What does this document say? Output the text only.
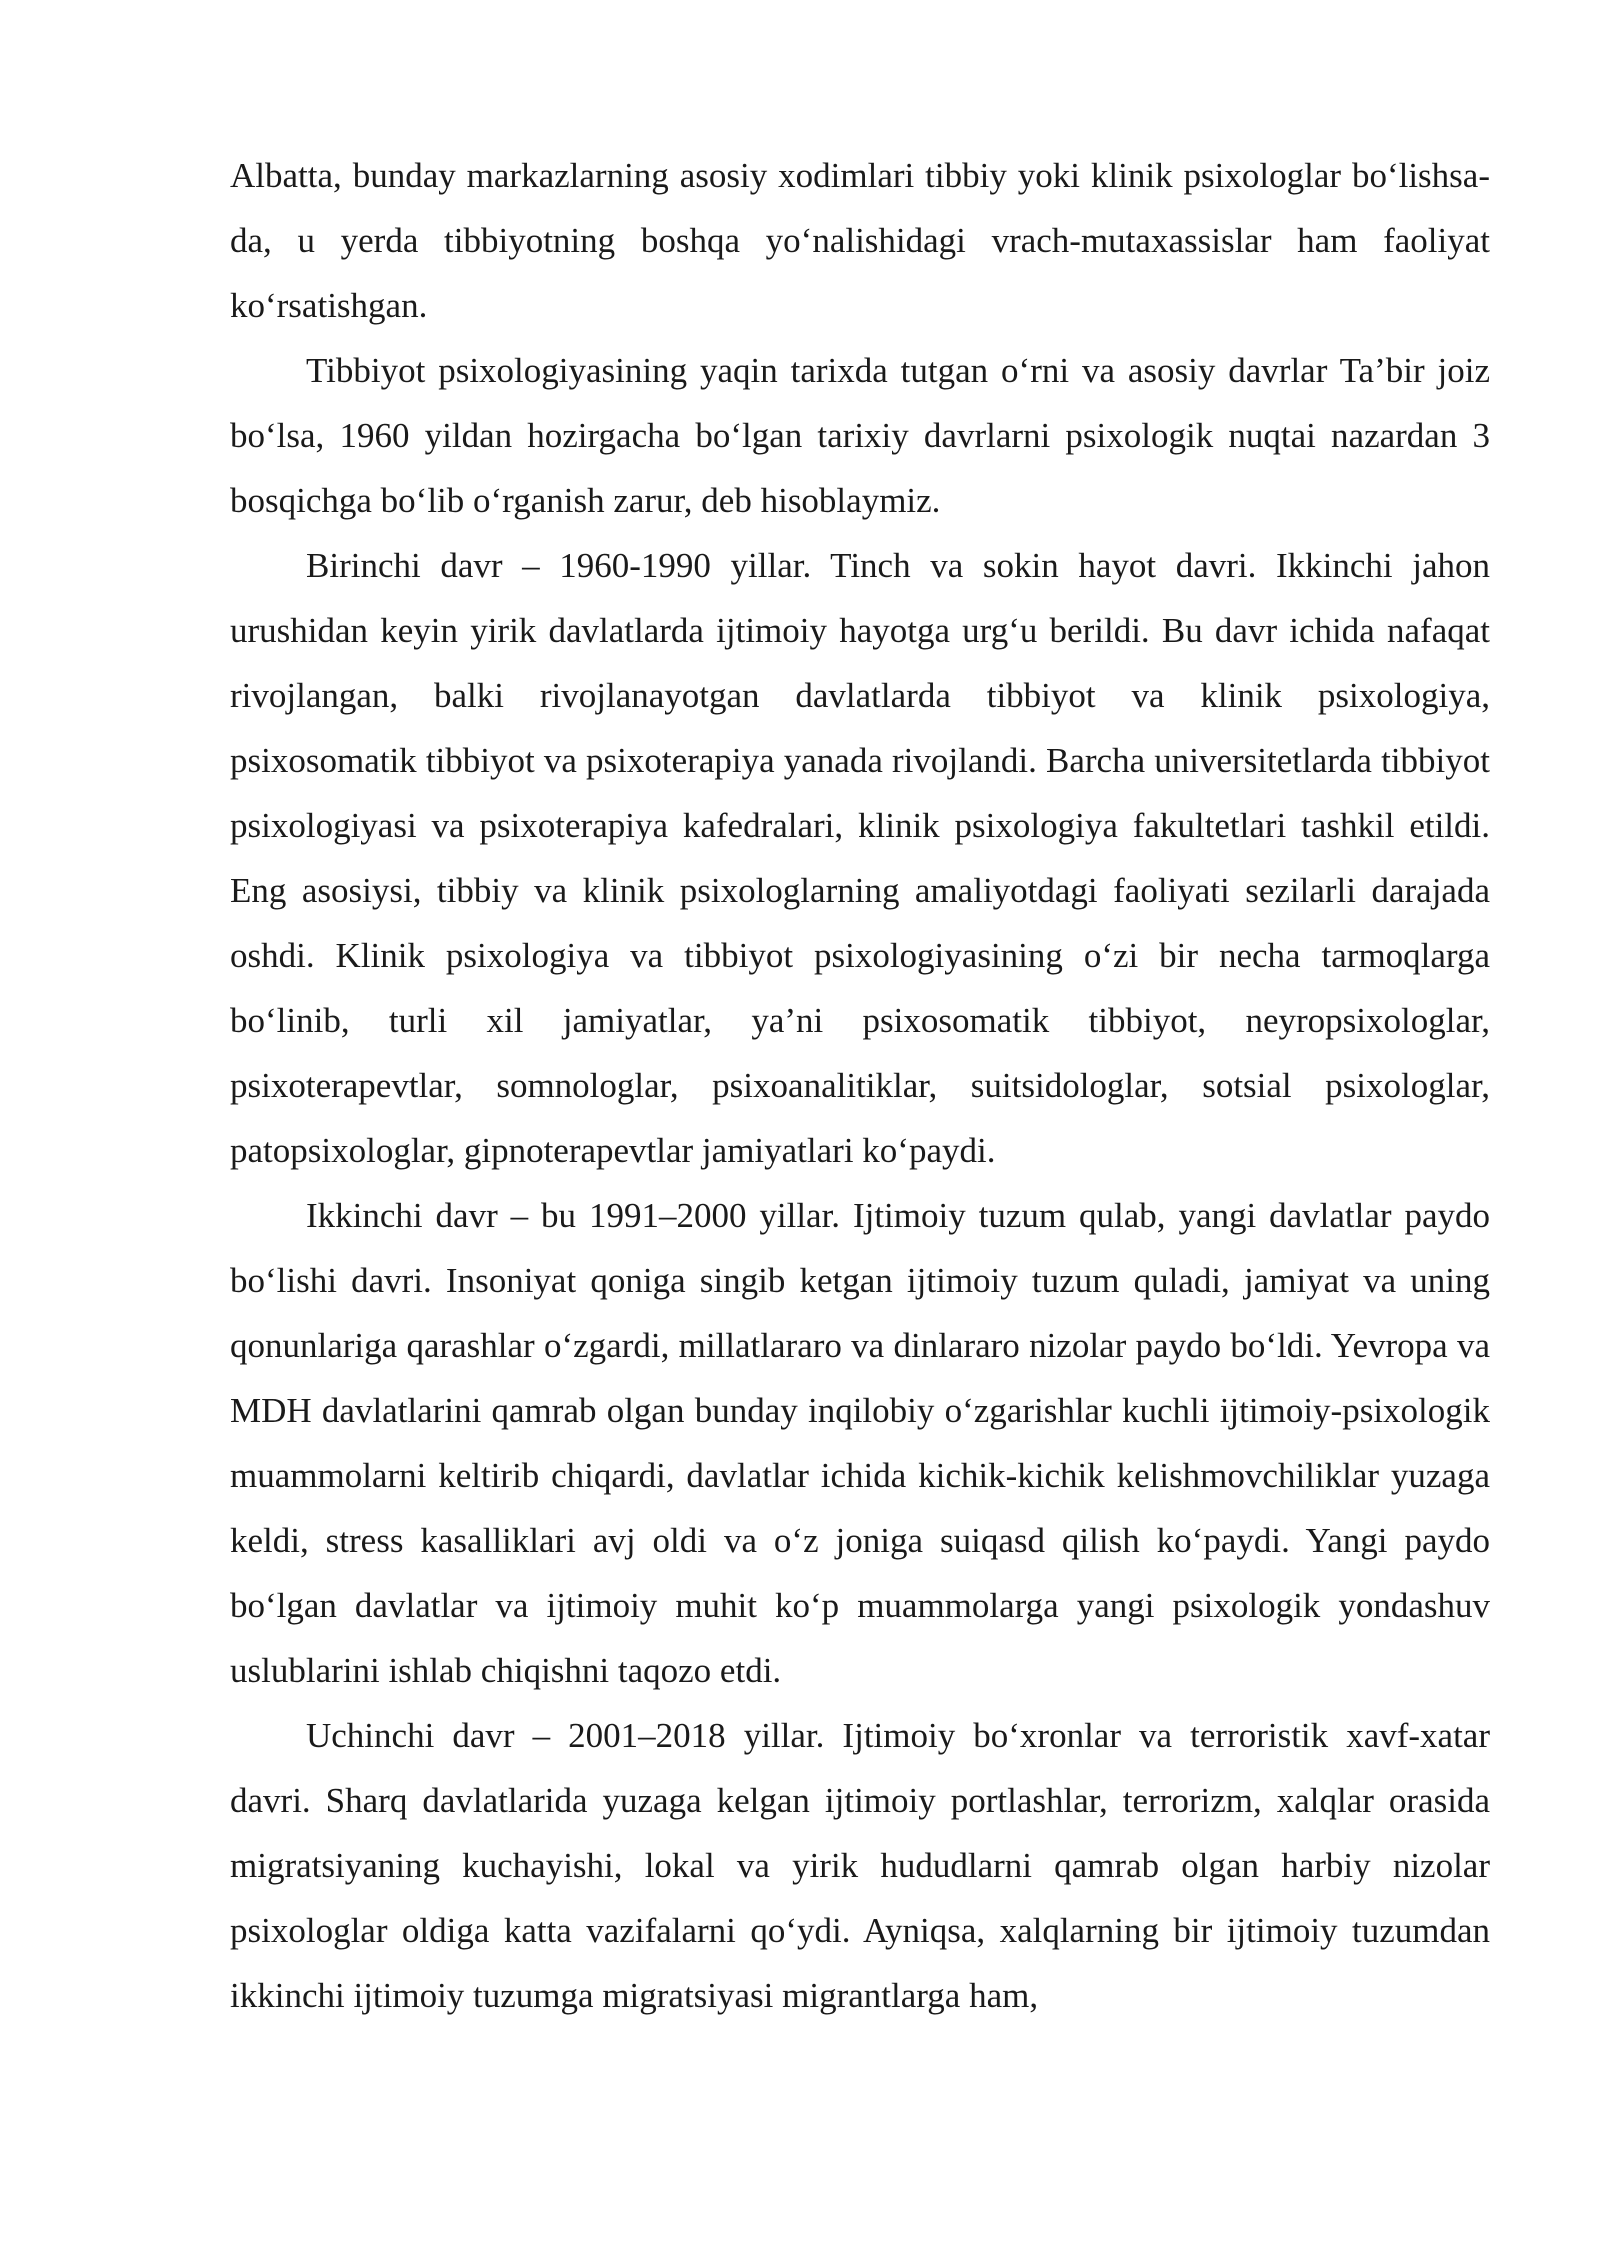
Albatta, bunday markazlarning asosiy xodimlari tibbiy yoki klinik psixologlar boʻlishsa-da, u yerda tibbiyotning boshqa yoʻnalishidagi vrach-mutaxassislar ham faoliyat koʻrsatishgan.

Tibbiyot psixologiyasining yaqin tarixda tutgan oʻrni va asosiy davrlar Ta’bir joiz boʻlsa, 1960 yildan hozirgacha boʻlgan tarixiy davrlarni psixologik nuqtai nazardan 3 bosqichga boʻlib oʻrganish zarur, deb hisoblaymiz.

Birinchi davr – 1960-1990 yillar. Tinch va sokin hayot davri. Ikkinchi jahon urushidan keyin yirik davlatlarda ijtimoiy hayotga urgʻu berildi. Bu davr ichida nafaqat rivojlangan, balki rivojlanayotgan davlatlarda tibbiyot va klinik psixologiya, psixosomatik tibbiyot va psixoterapiya yanada rivojlandi. Barcha universitetlarda tibbiyot psixologiyasi va psixoterapiya kafedralari, klinik psixologiya fakultetlari tashkil etildi. Eng asosiysi, tibbiy va klinik psixologlarning amaliyotdagi faoliyati sezilarli darajada oshdi. Klinik psixologiya va tibbiyot psixologiyasining oʻzi bir necha tarmoqlarga boʻlinib, turli xil jamiyatlar, ya’ni psixosomatik tibbiyot, neyropsixologlar, psixoterapevtlar, somnologlar, psixoanalitiklar, suitsidologlar, sotsial psixologlar, patopsixologlar, gipnoterapevtlar jamiyatlari koʻpaydi.

Ikkinchi davr – bu 1991–2000 yillar. Ijtimoiy tuzum qulab, yangi davlatlar paydo boʻlishi davri. Insoniyat qoniga singib ketgan ijtimoiy tuzum quladi, jamiyat va uning qonunlariga qarashlar oʻzgardi, millatlararo va dinlararo nizolar paydo boʻldi. Yevropa va MDH davlatlarini qamrab olgan bunday inqilobiy oʻzgarishlar kuchli ijtimoiy-psixologik muammolarni keltirib chiqardi, davlatlar ichida kichik-kichik kelishmovchiliklar yuzaga keldi, stress kasalliklari avj oldi va oʻz joniga suiqasd qilish koʻpaydi. Yangi paydo boʻlgan davlatlar va ijtimoiy muhit koʻp muammolarga yangi psixologik yondashuv uslublarini ishlab chiqishni taqozo etdi.

Uchinchi davr – 2001–2018 yillar. Ijtimoiy boʻxronlar va terroristik xavf-xatar davri. Sharq davlatlarida yuzaga kelgan ijtimoiy portlashlar, terrorizm, xalqlar orasida migratsiyaning kuchayishi, lokal va yirik hududlarni qamrab olgan harbiy nizolar psixologlar oldiga katta vazifalarni qoʻydi. Ayniqsa, xalqlarning bir ijtimoiy tuzumdan ikkinchi ijtimoiy tuzumga migratsiyasi migrantlarga ham,
